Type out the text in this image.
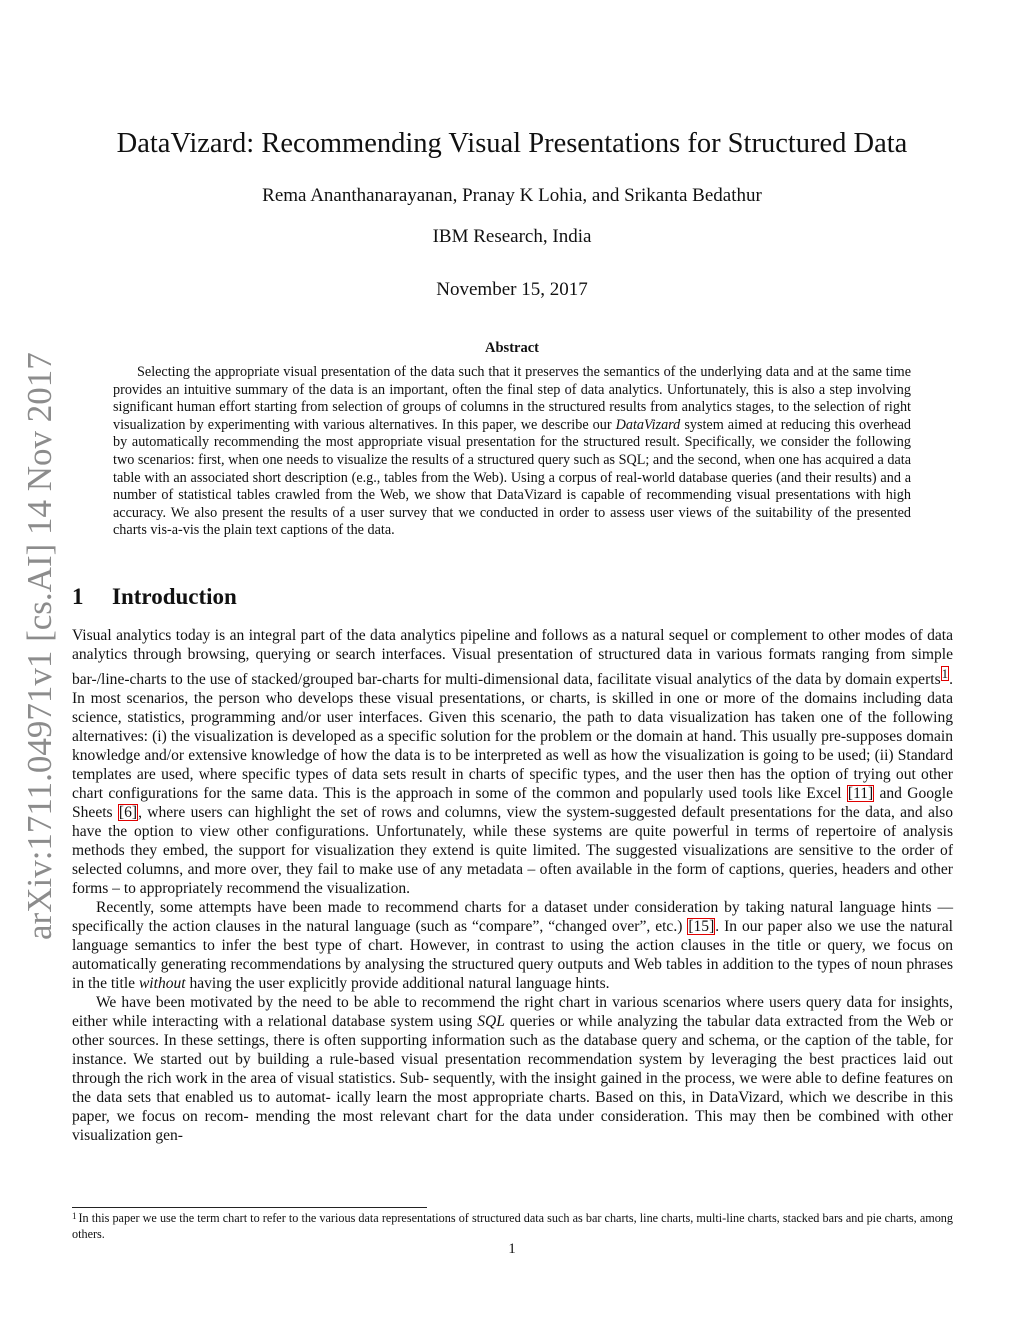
arXiv:1711.04971v1 [cs.AI] 14 Nov 2017
DataVizard: Recommending Visual Presentations for Structured Data
Rema Ananthanarayanan, Pranay K Lohia, and Srikanta Bedathur
IBM Research, India
November 15, 2017
Abstract

Selecting the appropriate visual presentation of the data such that it preserves the semantics of the underlying data and at the same time provides an intuitive summary of the data is an important, often the final step of data analytics. Unfortunately, this is also a step involving significant human effort starting from selection of groups of columns in the structured results from analytics stages, to the selection of right visualization by experimenting with various alternatives. In this paper, we describe our DataVizard system aimed at reducing this overhead by automatically recommending the most appropriate visual presentation for the structured result. Specifically, we consider the following two scenarios: first, when one needs to visualize the results of a structured query such as SQL; and the second, when one has acquired a data table with an associated short description (e.g., tables from the Web). Using a corpus of real-world database queries (and their results) and a number of statistical tables crawled from the Web, we show that DataVizard is capable of recommending visual presentations with high accuracy. We also present the results of a user survey that we conducted in order to assess user views of the suitability of the presented charts vis-a-vis the plain text captions of the data.

1 Introduction

Visual analytics today is an integral part of the data analytics pipeline and follows as a natural sequel or complement to other modes of data analytics through browsing, querying or search interfaces. Visual presentation of structured data in various formats ranging from simple bar-/line-charts to the use of stacked/grouped bar-charts for multi-dimensional data, facilitate visual analytics of the data by domain experts$^1$. In most scenarios, the person who develops these visual presentations, or charts, is skilled in one or more of the domains including data science, statistics, programming and/or user interfaces. Given this scenario, the path to data visualization has taken one of the following alternatives: (i) the visualization is developed as a specific solution for the problem or the domain at hand. This usually pre-supposes domain knowledge and/or extensive knowledge of how the data is to be interpreted as well as how the visualization is going to be used; (ii) Standard templates are used, where specific types of data sets result in charts of specific types, and the user then has the option of trying out other chart configurations for the same data. This is the approach in some of the common and popularly used tools like Excel [11] and Google Sheets [6], where users can highlight the set of rows and columns, view the system-suggested default presentations for the data, and also have the option to view other configurations. Unfortunately, while these systems are quite powerful in terms of repertoire of analysis methods they embed, the support for visualization they extend is quite limited. The suggested visualizations are sensitive to the order of selected columns, and more over, they fail to make use of any metadata – often available in the form of captions, queries, headers and other forms – to appropriately recommend the visualization.

Recently, some attempts have been made to recommend charts for a dataset under consideration by taking natural language hints — specifically the action clauses in the natural language (such as “compare”, “changed over”, etc.) [15]. In our paper also we use the natural language semantics to infer the best type of chart. However, in contrast to using the action clauses in the title or query, we focus on automatically generating recommendations by analysing the structured query outputs and Web tables in addition to the types of noun phrases in the title without having the user explicitly provide additional natural language hints.

We have been motivated by the need to be able to recommend the right chart in various scenarios where users query data for insights, either while interacting with a relational database system using SQL queries or while analyzing the tabular data extracted from the Web or other sources. In these settings, there is often supporting information such as the database query and schema, or the caption of the table, for instance. We started out by building a rule-based visual presentation recommendation system by leveraging the best practices laid out through the rich work in the area of visual statistics. Sub- sequently, with the insight gained in the process, we were able to define features on the data sets that enabled us to automat- ically learn the most appropriate charts. Based on this, in DataVizard, which we describe in this paper, we focus on recom- mending the most relevant chart for the data under consideration. This may then be combined with other visualization gen-

$^1$ In this paper we use the term chart to refer to the various data representations of structured data such as bar charts, line charts, multi-line charts, stacked bars and pie charts, among others.
1
